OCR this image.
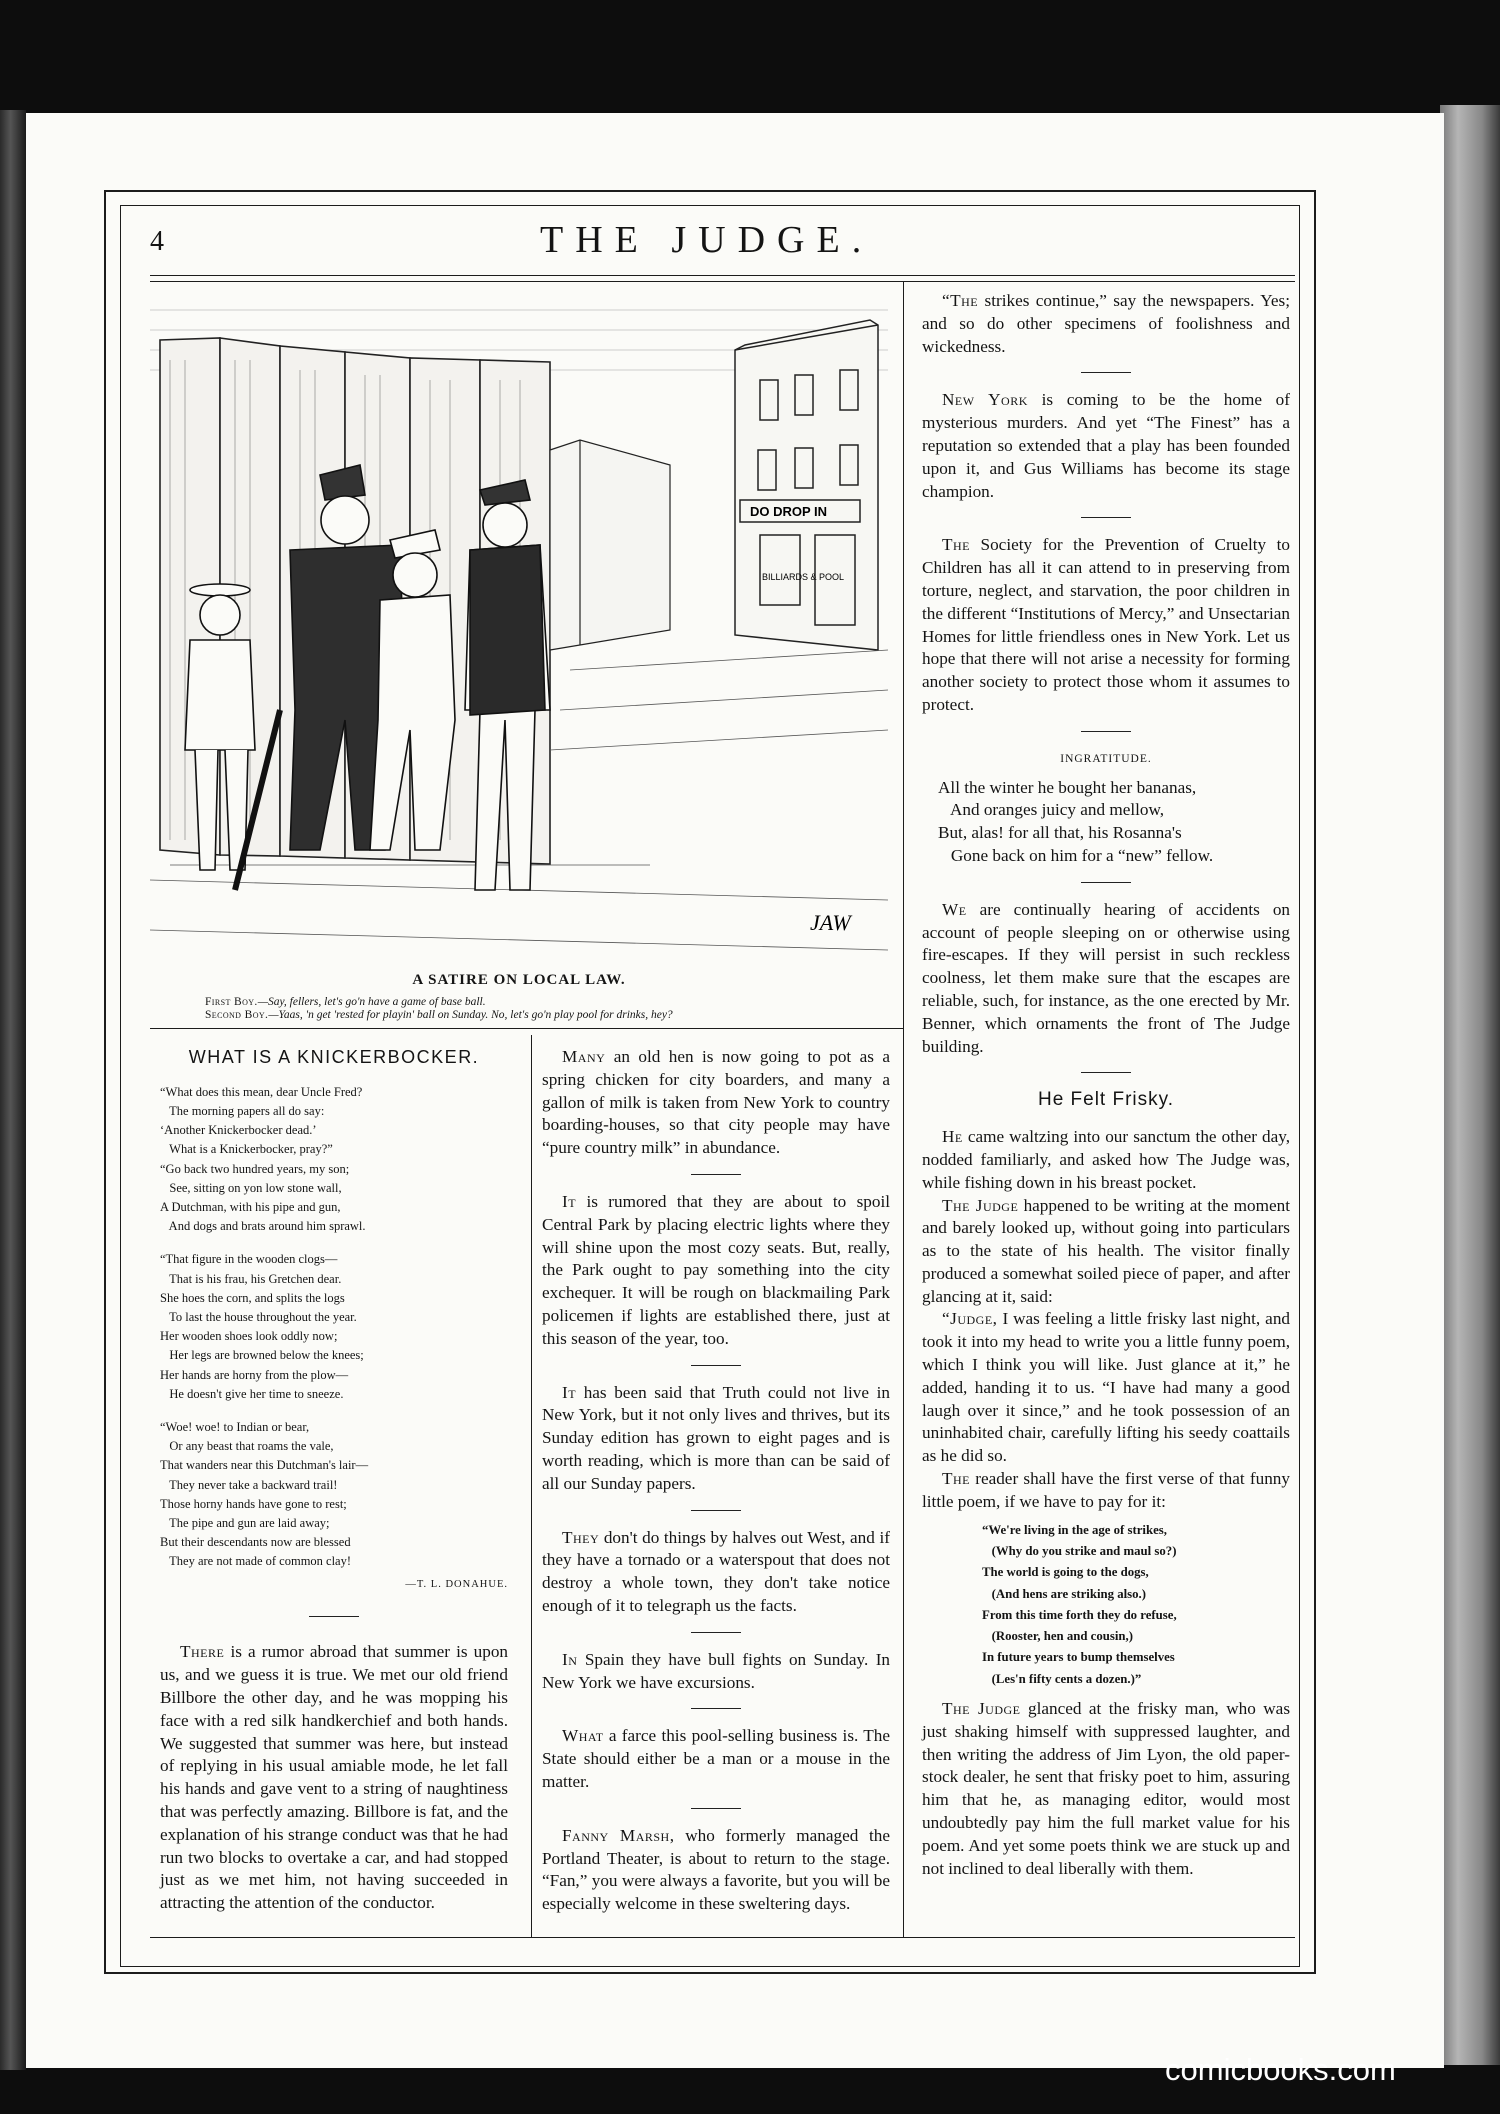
4	THE JUDGE.
DO DROP IN
BILLIARDS & POOL
JAW
A SATIRE ON LOCAL LAW.
First Boy.—Say, fellers, let's go'n have a game of base ball.
Second Boy.—Yaas, 'n get 'rested for playin' ball on Sunday. No, let's go'n play pool for drinks, hey?
WHAT IS A KNICKERBOCKER.
“What does this mean, dear Uncle Fred?
The morning papers all do say:
‘Another Knickerbocker dead.’
What is a Knickerbocker, pray?”
“Go back two hundred years, my son;
See, sitting on yon low stone wall,
A Dutchman, with his pipe and gun,
And dogs and brats around him sprawl.
“That figure in the wooden clogs—
That is his frau, his Gretchen dear.
She hoes the corn, and splits the logs
To last the house throughout the year.
Her wooden shoes look oddly now;
Her legs are browned below the knees;
Her hands are horny from the plow—
He doesn't give her time to sneeze.
“Woe! woe! to Indian or bear,
Or any beast that roams the vale,
That wanders near this Dutchman's lair—
They never take a backward trail!
Those horny hands have gone to rest;
The pipe and gun are laid away;
But their descendants now are blessed
They are not made of common clay!
—T. L. DONAHUE.

There is a rumor abroad that summer is upon us, and we guess it is true. We met our old friend Billbore the other day, and he was mopping his face with a red silk handkerchief and both hands. We suggested that summer was here, but instead of replying in his usual amiable mode, he let fall his hands and gave vent to a string of naughtiness that was perfectly amazing. Billbore is fat, and the explanation of his strange conduct was that he had run two blocks to overtake a car, and had stopped just as we met him, not having succeeded in attracting the attention of the conductor.

Many an old hen is now going to pot as a spring chicken for city boarders, and many a gallon of milk is taken from New York to country boarding-houses, so that city people may have “pure country milk” in abundance.

It is rumored that they are about to spoil Central Park by placing electric lights where they will shine upon the most cozy seats. But, really, the Park ought to pay something into the city exchequer. It will be rough on blackmailing Park policemen if lights are established there, just at this season of the year, too.

It has been said that Truth could not live in New York, but it not only lives and thrives, but its Sunday edition has grown to eight pages and is worth reading, which is more than can be said of all our Sunday papers.

They don't do things by halves out West, and if they have a tornado or a waterspout that does not destroy a whole town, they don't take notice enough of it to telegraph us the facts.

In Spain they have bull fights on Sunday. In New York we have excursions.

What a farce this pool-selling business is. The State should either be a man or a mouse in the matter.

Fanny Marsh, who formerly managed the Portland Theater, is about to return to the stage. “Fan,” you were always a favorite, but you will be especially welcome in these sweltering days.

“The strikes continue,” say the newspapers. Yes; and so do other specimens of foolishness and wickedness.

New York is coming to be the home of mysterious murders. And yet “The Finest” has a reputation so extended that a play has been founded upon it, and Gus Williams has become its stage champion.

The Society for the Prevention of Cruelty to Children has all it can attend to in preserving from torture, neglect, and starvation, the poor children in the different “Institutions of Mercy,” and Unsectarian Homes for little friendless ones in New York. Let us hope that there will not arise a necessity for forming another society to protect those whom it assumes to protect.

INGRATITUDE.
All the winter he bought her bananas,
And oranges juicy and mellow,
But, alas! for all that, his Rosanna's
Gone back on him for a “new” fellow.

We are continually hearing of accidents on account of people sleeping on or otherwise using fire-escapes. If they will persist in such reckless coolness, let them make sure that the escapes are reliable, such, for instance, as the one erected by Mr. Benner, which ornaments the front of The Judge building.

He Felt Frisky.

He came waltzing into our sanctum the other day, nodded familiarly, and asked how The Judge was, while fishing down in his breast pocket.

The Judge happened to be writing at the moment and barely looked up, without going into particulars as to the state of his health. The visitor finally produced a somewhat soiled piece of paper, and after glancing at it, said:

“Judge, I was feeling a little frisky last night, and took it into my head to write you a little funny poem, which I think you will like. Just glance at it,” he added, handing it to us. “I have had many a good laugh over it since,” and he took possession of an uninhabited chair, carefully lifting his seedy coattails as he did so.

The reader shall have the first verse of that funny little poem, if we have to pay for it:

“We're living in the age of strikes,
(Why do you strike and maul so?)
The world is going to the dogs,
(And hens are striking also.)
From this time forth they do refuse,
(Rooster, hen and cousin,)
In future years to bump themselves
(Les'n fifty cents a dozen.)”

The Judge glanced at the frisky man, who was just shaking himself with suppressed laughter, and then writing the address of Jim Lyon, the old paper-stock dealer, he sent that frisky poet to him, assuring him that he, as managing editor, would most undoubtedly pay him the full market value for his poem. And yet some poets think we are stuck up and not inclined to deal liberally with them.

comicbooks.com
